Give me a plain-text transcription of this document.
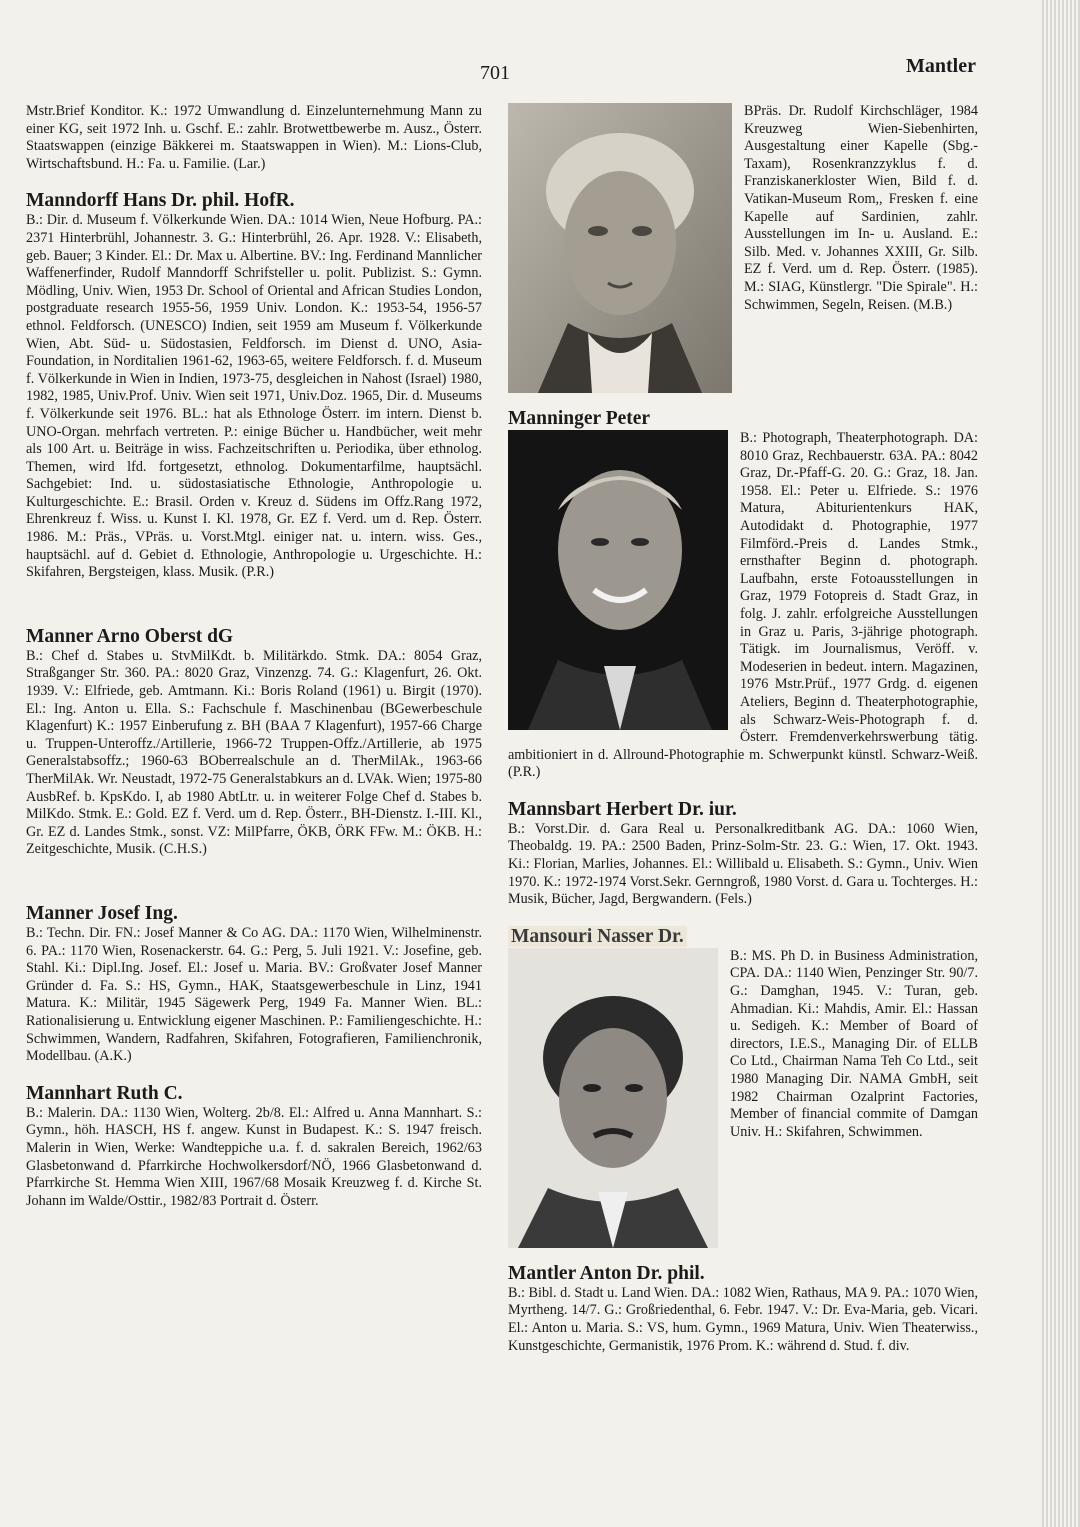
701	Mantler

Mstr.Brief Konditor. K.: 1972 Umwandlung d. Einzelunternehmung Mann zu einer KG, seit 1972 Inh. u. Gschf. E.: zahlr. Brotwettbewerbe m. Ausz., Österr. Staatswappen (einzige Bäkkerei m. Staatswappen in Wien). M.: Lions-Club, Wirtschaftsbund. H.: Fa. u. Familie. (Lar.)

Manndorff Hans Dr. phil. HofR.

B.: Dir. d. Museum f. Völkerkunde Wien. DA.: 1014 Wien, Neue Hofburg. PA.: 2371 Hinterbrühl, Johannestr. 3. G.: Hinterbrühl, 26. Apr. 1928. V.: Elisabeth, geb. Bauer; 3 Kinder. El.: Dr. Max u. Albertine. BV.: Ing. Ferdinand Mannlicher Waffenerfinder, Rudolf Manndorff Schrifsteller u. polit. Publizist. S.: Gymn. Mödling, Univ. Wien, 1953 Dr. School of Oriental and African Studies London, postgraduate research 1955-56, 1959 Univ. London. K.: 1953-54, 1956-57 ethnol. Feldforsch. (UNESCO) Indien, seit 1959 am Museum f. Völkerkunde Wien, Abt. Süd- u. Südostasien, Feldforsch. im Dienst d. UNO, Asia-Foundation, in Norditalien 1961-62, 1963-65, weitere Feldforsch. f. d. Museum f. Völkerkunde in Wien in Indien, 1973-75, desgleichen in Nahost (Israel) 1980, 1982, 1985, Univ.Prof. Univ. Wien seit 1971, Univ.Doz. 1965, Dir. d. Museums f. Völkerkunde seit 1976. BL.: hat als Ethnologe Österr. im intern. Dienst b. UNO-Organ. mehrfach vertreten. P.: einige Bücher u. Handbücher, weit mehr als 100 Art. u. Beiträge in wiss. Fachzeitschriften u. Periodika, über ethnolog. Themen, wird lfd. fortgesetzt, ethnolog. Dokumentarfilme, hauptsächl. Sachgebiet: Ind. u. südostasiatische Ethnologie, Anthropologie u. Kulturgeschichte. E.: Brasil. Orden v. Kreuz d. Südens im Offz.Rang 1972, Ehrenkreuz f. Wiss. u. Kunst I. Kl. 1978, Gr. EZ f. Verd. um d. Rep. Österr. 1986. M.: Präs., VPräs. u. Vorst.Mtgl. einiger nat. u. intern. wiss. Ges., hauptsächl. auf d. Gebiet d. Ethnologie, Anthropologie u. Urgeschichte. H.: Skifahren, Bergsteigen, klass. Musik. (P.R.)

Manner Arno Oberst dG

B.: Chef d. Stabes u. StvMilKdt. b. Militärkdo. Stmk. DA.: 8054 Graz, Straßganger Str. 360. PA.: 8020 Graz, Vinzenzg. 74. G.: Klagenfurt, 26. Okt. 1939. V.: Elfriede, geb. Amtmann. Ki.: Boris Roland (1961) u. Birgit (1970). El.: Ing. Anton u. Ella. S.: Fachschule f. Maschinenbau (BGewerbeschule Klagenfurt) K.: 1957 Einberufung z. BH (BAA 7 Klagenfurt), 1957-66 Charge u. Truppen-Unteroffz./Artillerie, 1966-72 Truppen-Offz./Artillerie, ab 1975 Generalstabsoffz.; 1960-63 BOberrealschule an d. TherMilAk., 1963-66 TherMilAk. Wr. Neustadt, 1972-75 Generalstabkurs an d. LVAk. Wien; 1975-80 AusbRef. b. KpsKdo. I, ab 1980 AbtLtr. u. in weiterer Folge Chef d. Stabes b. MilKdo. Stmk. E.: Gold. EZ f. Verd. um d. Rep. Österr., BH-Dienstz. I.-III. Kl., Gr. EZ d. Landes Stmk., sonst. VZ: MilPfarre, ÖKB, ÖRK FFw. M.: ÖKB. H.: Zeitgeschichte, Musik. (C.H.S.)

Manner Josef Ing.

B.: Techn. Dir. FN.: Josef Manner & Co AG. DA.: 1170 Wien, Wilhelminenstr. 6. PA.: 1170 Wien, Rosenackerstr. 64. G.: Perg, 5. Juli 1921. V.: Josefine, geb. Stahl. Ki.: Dipl.Ing. Josef. El.: Josef u. Maria. BV.: Großvater Josef Manner Gründer d. Fa. S.: HS, Gymn., HAK, Staatsgewerbeschule in Linz, 1941 Matura. K.: Militär, 1945 Sägewerk Perg, 1949 Fa. Manner Wien. BL.: Rationalisierung u. Entwicklung eigener Maschinen. P.: Familiengeschichte. H.: Schwimmen, Wandern, Radfahren, Skifahren, Fotografieren, Familienchronik, Modellbau. (A.K.)

Mannhart Ruth C.

B.: Malerin. DA.: 1130 Wien, Wolterg. 2b/8. El.: Alfred u. Anna Mannhart. S.: Gymn., höh. HASCH, HS f. angew. Kunst in Budapest. K.: S. 1947 freisch. Malerin in Wien, Werke: Wandteppiche u.a. f. d. sakralen Bereich, 1962/63 Glasbetonwand d. Pfarrkirche Hochwolkersdorf/NÖ, 1966 Glasbetonwand d. Pfarrkirche St. Hemma Wien XIII, 1967/68 Mosaik Kreuzweg f. d. Kirche St. Johann im Walde/Osttir., 1982/83 Portrait d. Österr.

BPräs. Dr. Rudolf Kirchschläger, 1984 Kreuzweg Wien-Siebenhirten, Ausgestaltung einer Kapelle (Sbg.-Taxam), Rosenkranzzyklus f. d. Franziskanerkloster Wien, Bild f. d. Vatikan-Museum Rom,, Fresken f. eine Kapelle auf Sardinien, zahlr. Ausstellungen im In- u. Ausland. E.: Silb. Med. v. Johannes XXIII, Gr. Silb. EZ f. Verd. um d. Rep. Österr. (1985). M.: SIAG, Künstlergr. "Die Spirale". H.: Schwimmen, Segeln, Reisen. (M.B.)

Manninger Peter

B.: Photograph, Theaterphotograph. DA: 8010 Graz, Rechbauerstr. 63A. PA.: 8042 Graz, Dr.-Pfaff-G. 20. G.: Graz, 18. Jan. 1958. El.: Peter u. Elfriede. S.: 1976 Matura, Abiturientenkurs HAK, Autodidakt d. Photographie, 1977 Filmförd.-Preis d. Landes Stmk., ernsthafter Beginn d. photograph. Laufbahn, erste Fotoausstellungen in Graz, 1979 Fotopreis d. Stadt Graz, in folg. J. zahlr. erfolgreiche Ausstellungen in Graz u. Paris, 3-jährige photograph. Tätigk. im Journalismus, Veröff. v. Modeserien in bedeut. intern. Magazinen, 1976 Mstr.Prüf., 1977 Grdg. d. eigenen Ateliers, Beginn d. Theaterphotographie, als Schwarz-Weis-Photograph f. d. Österr. Fremdenverkehrswerbung tätig. ambitioniert in d. Allround-Photographie m. Schwerpunkt künstl. Schwarz-Weiß. (P.R.)

Mannsbart Herbert Dr. iur.

B.: Vorst.Dir. d. Gara Real u. Personalkreditbank AG. DA.: 1060 Wien, Theobaldg. 19. PA.: 2500 Baden, Prinz-Solm-Str. 23. G.: Wien, 17. Okt. 1943. Ki.: Florian, Marlies, Johannes. El.: Willibald u. Elisabeth. S.: Gymn., Univ. Wien 1970. K.: 1972-1974 Vorst.Sekr. Gernngroß, 1980 Vorst. d. Gara u. Tochterges. H.: Musik, Bücher, Jagd, Bergwandern. (Fels.)

Mansouri Nasser Dr.

B.: MS. Ph D. in Business Administration, CPA. DA.: 1140 Wien, Penzinger Str. 90/7. G.: Damghan, 1945. V.: Turan, geb. Ahmadian. Ki.: Mahdis, Amir. El.: Hassan u. Sedigeh. K.: Member of Board of directors, I.E.S., Managing Dir. of ELLB Co Ltd., Chairman Nama Teh Co Ltd., seit 1980 Managing Dir. NAMA GmbH, seit 1982 Chairman Ozalprint Factories, Member of financial commite of Damgan Univ. H.: Skifahren, Schwimmen.

Mantler Anton Dr. phil.

B.: Bibl. d. Stadt u. Land Wien. DA.: 1082 Wien, Rathaus, MA 9. PA.: 1070 Wien, Myrtheng. 14/7. G.: Großriedenthal, 6. Febr. 1947. V.: Dr. Eva-Maria, geb. Vicari. El.: Anton u. Maria. S.: VS, hum. Gymn., 1969 Matura, Univ. Wien Theaterwiss., Kunstgeschichte, Germanistik, 1976 Prom. K.: während d. Stud. f. div.
